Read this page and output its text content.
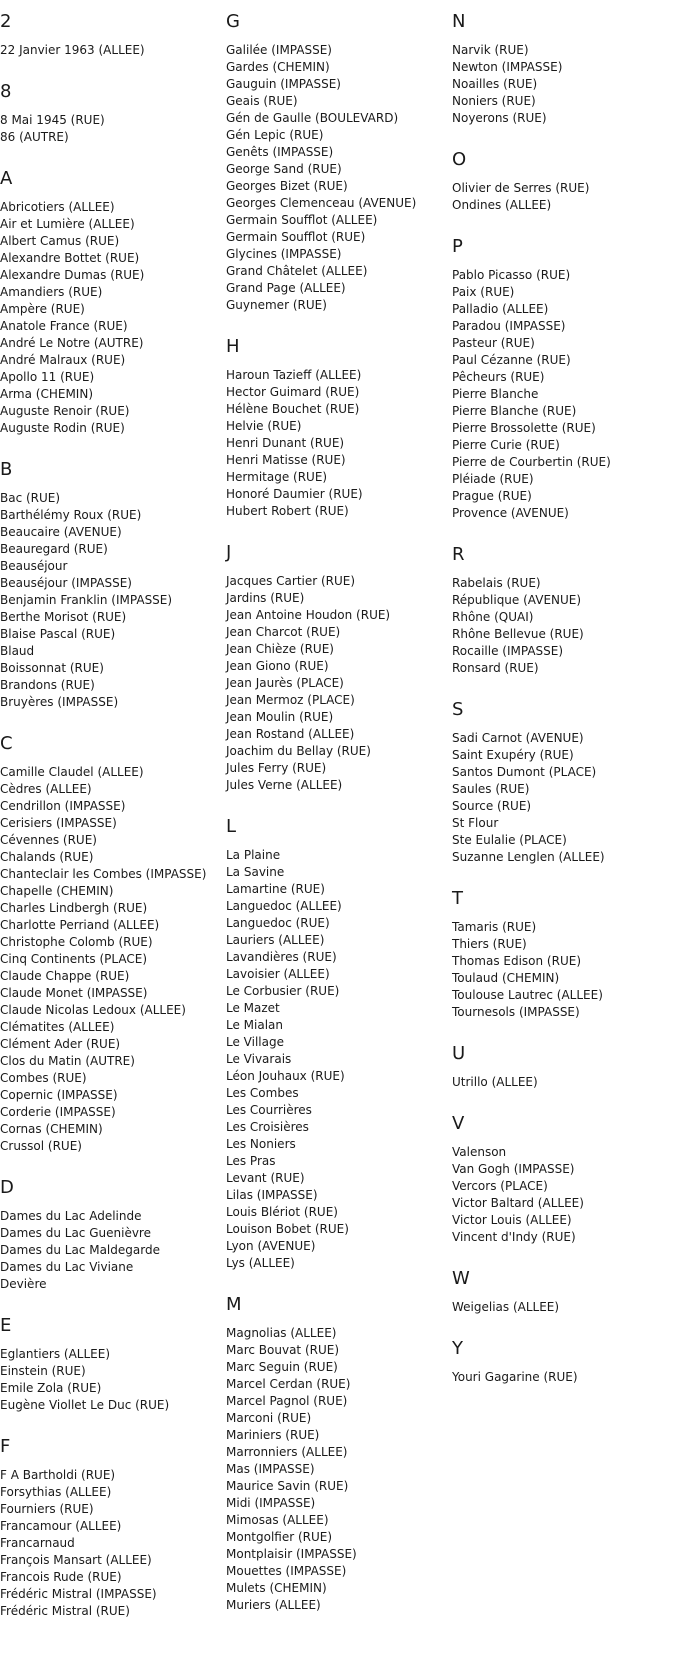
2
22 Janvier 1963 (ALLEE)
8
8 Mai 1945 (RUE)
86 (AUTRE)
A
Abricotiers (ALLEE)
Air et Lumière (ALLEE)
Albert Camus (RUE)
Alexandre Bottet (RUE)
Alexandre Dumas (RUE)
Amandiers (RUE)
Ampère (RUE)
Anatole France (RUE)
André Le Notre (AUTRE)
André Malraux (RUE)
Apollo 11 (RUE)
Arma (CHEMIN)
Auguste Renoir (RUE)
Auguste Rodin (RUE)
B
Bac (RUE)
Barthélémy Roux (RUE)
Beaucaire (AVENUE)
Beauregard (RUE)
Beauséjour
Beauséjour (IMPASSE)
Benjamin Franklin (IMPASSE)
Berthe Morisot (RUE)
Blaise Pascal (RUE)
Blaud
Boissonnat (RUE)
Brandons (RUE)
Bruyères (IMPASSE)
C
Camille Claudel (ALLEE)
Cèdres (ALLEE)
Cendrillon (IMPASSE)
Cerisiers (IMPASSE)
Cévennes (RUE)
Chalands (RUE)
Chanteclair les Combes (IMPASSE)
Chapelle (CHEMIN)
Charles Lindbergh (RUE)
Charlotte Perriand (ALLEE)
Christophe Colomb (RUE)
Cinq Continents (PLACE)
Claude Chappe (RUE)
Claude Monet (IMPASSE)
Claude Nicolas Ledoux (ALLEE)
Clématites (ALLEE)
Clément Ader (RUE)
Clos du Matin (AUTRE)
Combes (RUE)
Copernic (IMPASSE)
Corderie (IMPASSE)
Cornas (CHEMIN)
Crussol (RUE)
D
Dames du Lac Adelinde
Dames du Lac Guenièvre
Dames du Lac Maldegarde
Dames du Lac Viviane
Devière
E
Eglantiers (ALLEE)
Einstein (RUE)
Emile Zola (RUE)
Eugène Viollet Le Duc (RUE)
F
F A Bartholdi (RUE)
Forsythias (ALLEE)
Fourniers (RUE)
Francamour (ALLEE)
Francarnaud
François Mansart (ALLEE)
Francois Rude (RUE)
Frédéric Mistral (IMPASSE)
Frédéric Mistral (RUE)
G
Galilée (IMPASSE)
Gardes (CHEMIN)
Gauguin (IMPASSE)
Geais (RUE)
Gén de Gaulle (BOULEVARD)
Gén Lepic (RUE)
Genêts (IMPASSE)
George Sand (RUE)
Georges Bizet (RUE)
Georges Clemenceau (AVENUE)
Germain Soufflot (ALLEE)
Germain Soufflot (RUE)
Glycines (IMPASSE)
Grand Châtelet (ALLEE)
Grand Page (ALLEE)
Guynemer (RUE)
H
Haroun Tazieff (ALLEE)
Hector Guimard (RUE)
Hélène Bouchet (RUE)
Helvie (RUE)
Henri Dunant (RUE)
Henri Matisse (RUE)
Hermitage (RUE)
Honoré Daumier (RUE)
Hubert Robert (RUE)
J
Jacques Cartier (RUE)
Jardins (RUE)
Jean Antoine Houdon (RUE)
Jean Charcot (RUE)
Jean Chièze (RUE)
Jean Giono (RUE)
Jean Jaurès (PLACE)
Jean Mermoz (PLACE)
Jean Moulin (RUE)
Jean Rostand (ALLEE)
Joachim du Bellay (RUE)
Jules Ferry (RUE)
Jules Verne (ALLEE)
L
La Plaine
La Savine
Lamartine (RUE)
Languedoc (ALLEE)
Languedoc (RUE)
Lauriers (ALLEE)
Lavandières (RUE)
Lavoisier (ALLEE)
Le Corbusier (RUE)
Le Mazet
Le Mialan
Le Village
Le Vivarais
Léon Jouhaux (RUE)
Les Combes
Les Courrières
Les Croisières
Les Noniers
Les Pras
Levant (RUE)
Lilas (IMPASSE)
Louis Blériot (RUE)
Louison Bobet (RUE)
Lyon (AVENUE)
Lys (ALLEE)
M
Magnolias (ALLEE)
Marc Bouvat (RUE)
Marc Seguin (RUE)
Marcel Cerdan (RUE)
Marcel Pagnol (RUE)
Marconi (RUE)
Mariniers (RUE)
Marronniers (ALLEE)
Mas (IMPASSE)
Maurice Savin (RUE)
Midi (IMPASSE)
Mimosas (ALLEE)
Montgolfier (RUE)
Montplaisir (IMPASSE)
Mouettes (IMPASSE)
Mulets (CHEMIN)
Muriers (ALLEE)
N
Narvik (RUE)
Newton (IMPASSE)
Noailles (RUE)
Noniers (RUE)
Noyerons (RUE)
O
Olivier de Serres (RUE)
Ondines (ALLEE)
P
Pablo Picasso (RUE)
Paix (RUE)
Palladio (ALLEE)
Paradou (IMPASSE)
Pasteur (RUE)
Paul Cézanne (RUE)
Pêcheurs (RUE)
Pierre Blanche
Pierre Blanche (RUE)
Pierre Brossolette (RUE)
Pierre Curie (RUE)
Pierre de Courbertin (RUE)
Pléiade (RUE)
Prague (RUE)
Provence (AVENUE)
R
Rabelais (RUE)
République (AVENUE)
Rhône (QUAI)
Rhône Bellevue (RUE)
Rocaille (IMPASSE)
Ronsard (RUE)
S
Sadi Carnot (AVENUE)
Saint Exupéry (RUE)
Santos Dumont (PLACE)
Saules (RUE)
Source (RUE)
St Flour
Ste Eulalie (PLACE)
Suzanne Lenglen (ALLEE)
T
Tamaris (RUE)
Thiers (RUE)
Thomas Edison (RUE)
Toulaud (CHEMIN)
Toulouse Lautrec (ALLEE)
Tournesols (IMPASSE)
U
Utrillo (ALLEE)
V
Valenson
Van Gogh (IMPASSE)
Vercors (PLACE)
Victor Baltard (ALLEE)
Victor Louis (ALLEE)
Vincent d'Indy (RUE)
W
Weigelias (ALLEE)
Y
Youri Gagarine (RUE)
